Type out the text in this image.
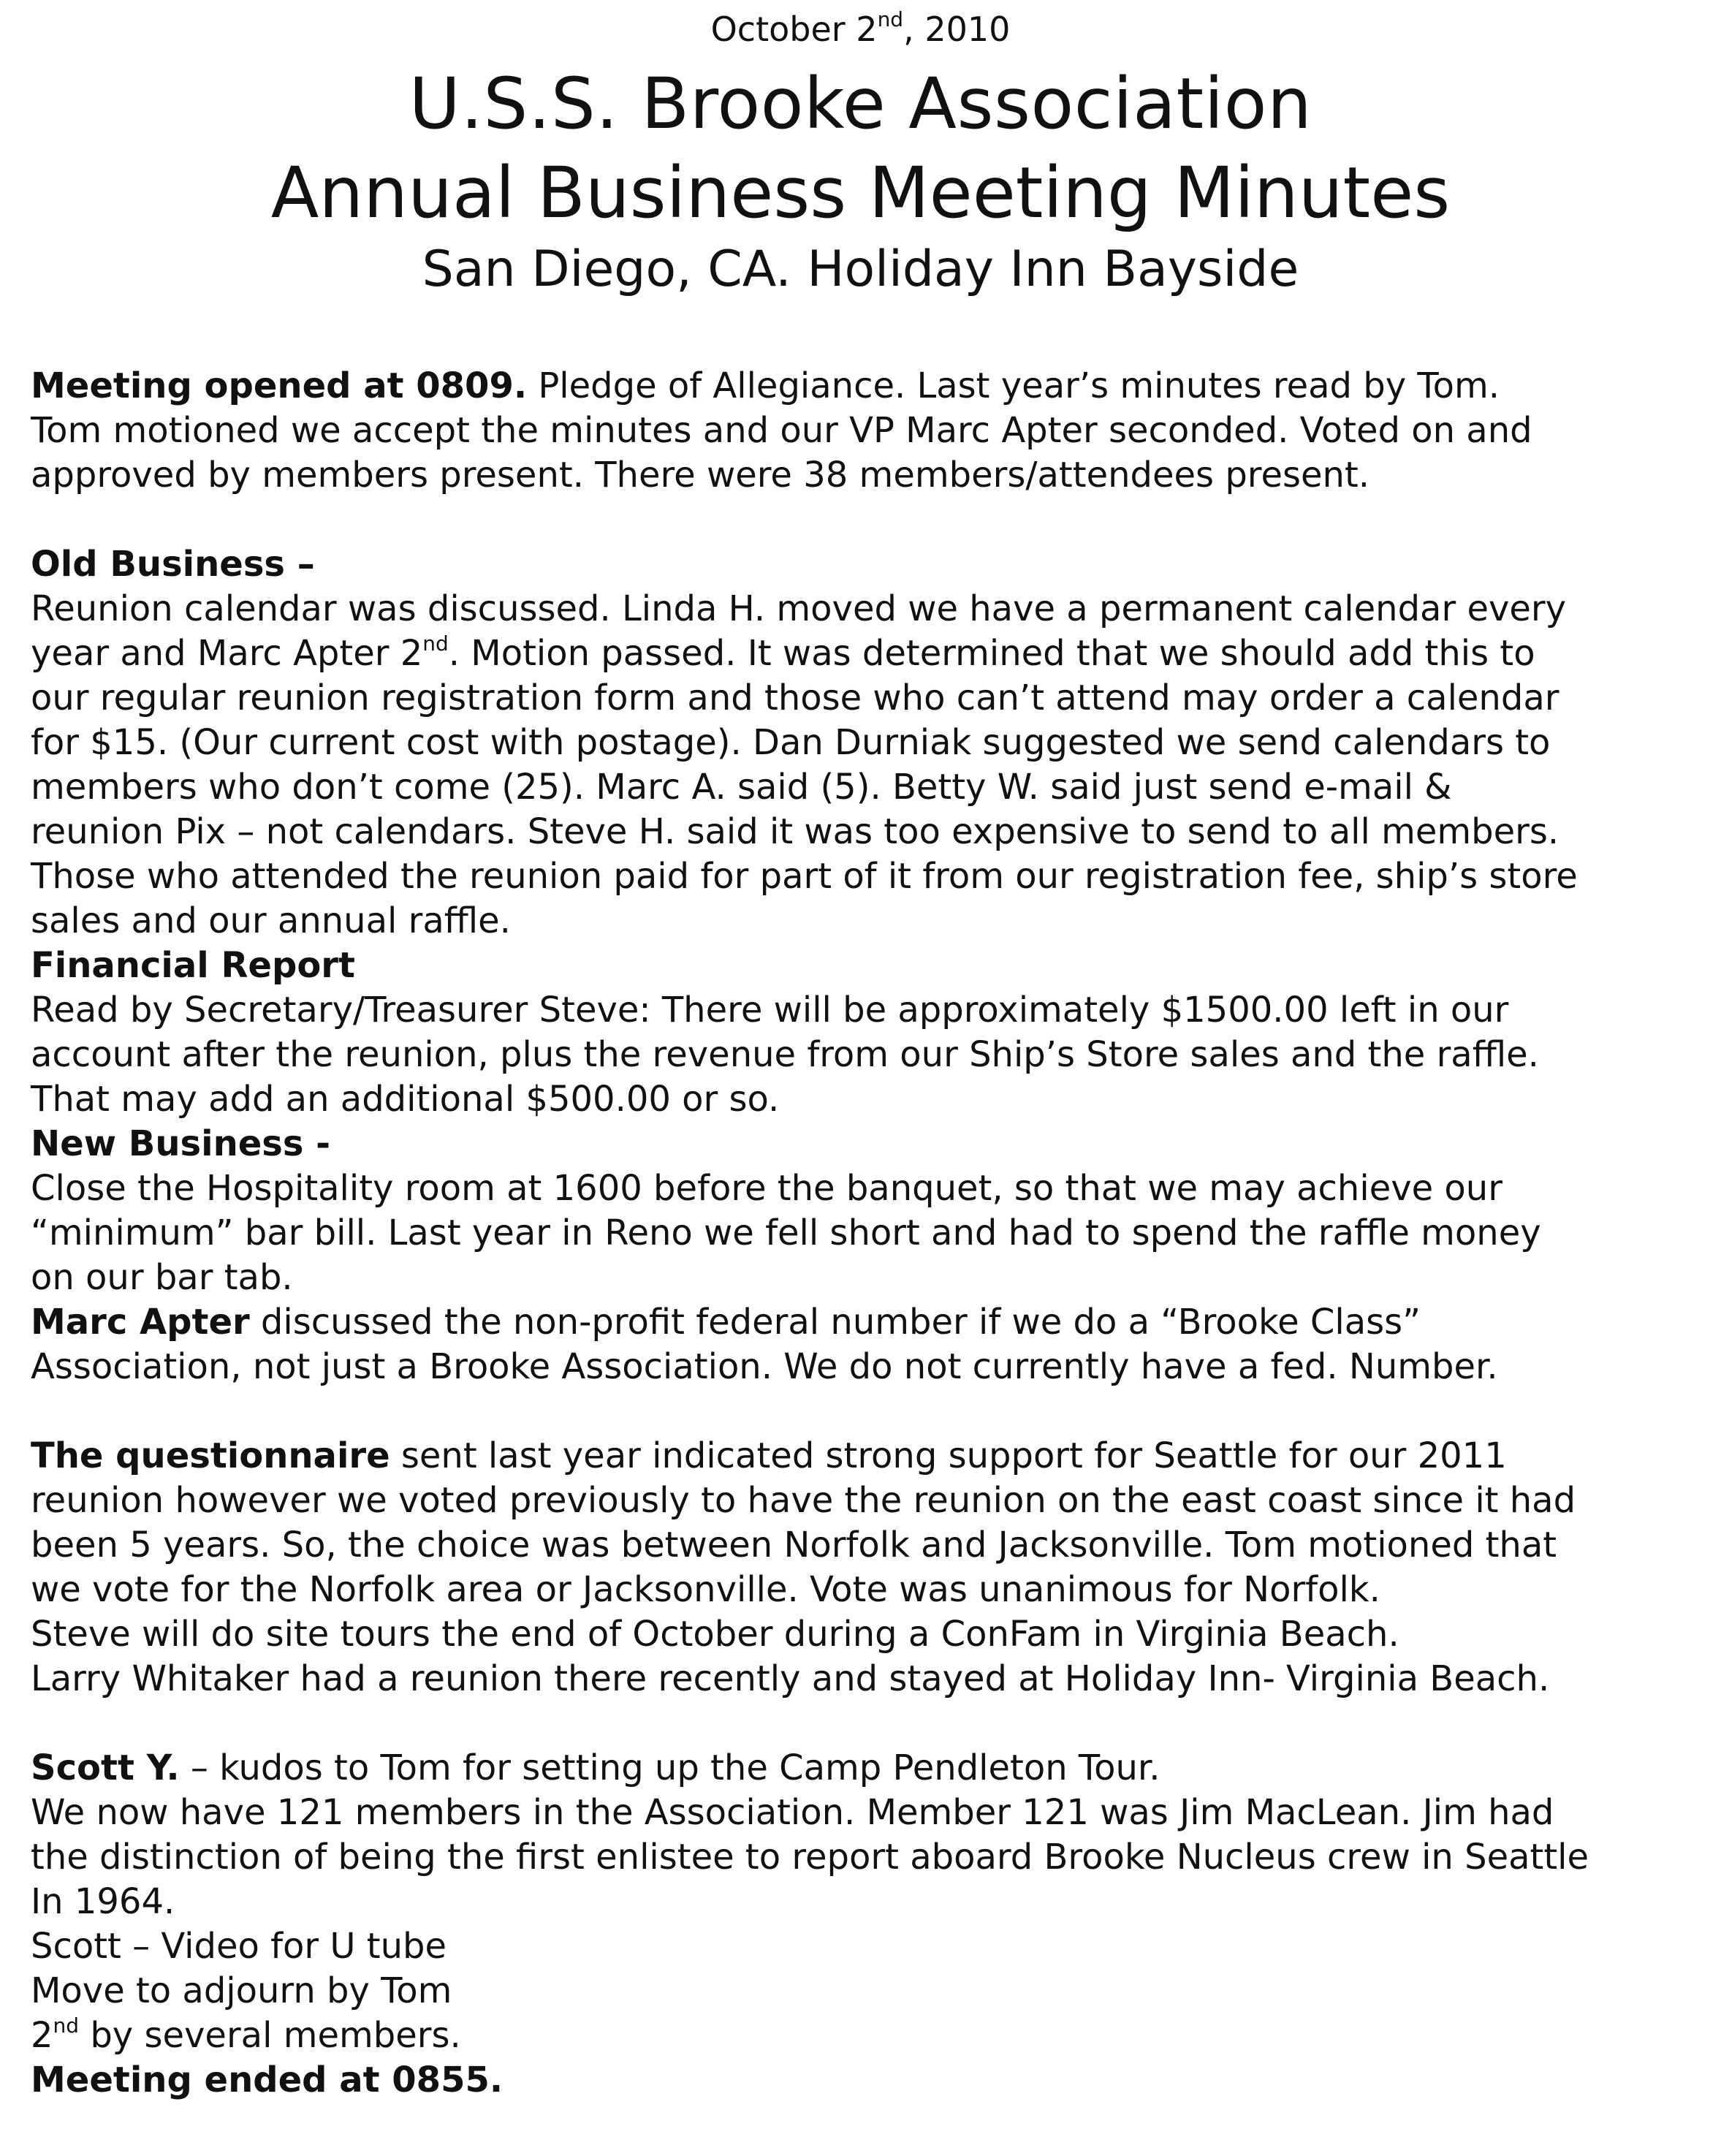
October 2nd, 2010
U.S.S. Brooke Association
Annual Business Meeting Minutes
San Diego, CA. Holiday Inn Bayside
Meeting opened at 0809. Pledge of Allegiance. Last year’s minutes read by Tom.
Tom motioned we accept the minutes and our VP Marc Apter seconded. Voted on and
approved by members present. There were 38 members/attendees present.
Old Business –
Reunion calendar was discussed. Linda H. moved we have a permanent calendar every
year and Marc Apter 2nd. Motion passed. It was determined that we should add this to
our regular reunion registration form and those who can’t attend may order a calendar
for $15. (Our current cost with postage). Dan Durniak suggested we send calendars to
members who don’t come (25). Marc A. said (5). Betty W. said just send e-mail &
reunion Pix – not calendars. Steve H. said it was too expensive to send to all members.
Those who attended the reunion paid for part of it from our registration fee, ship’s store
sales and our annual raffle.
Financial Report
Read by Secretary/Treasurer Steve: There will be approximately $1500.00 left in our
account after the reunion, plus the revenue from our Ship’s Store sales and the raffle.
That may add an additional $500.00 or so.
New Business -
Close the Hospitality room at 1600 before the banquet, so that we may achieve our
“minimum” bar bill. Last year in Reno we fell short and had to spend the raffle money
on our bar tab.
Marc Apter discussed the non-profit federal number if we do a “Brooke Class”
Association, not just a Brooke Association. We do not currently have a fed. Number.
The questionnaire sent last year indicated strong support for Seattle for our 2011
reunion however we voted previously to have the reunion on the east coast since it had
been 5 years. So, the choice was between Norfolk and Jacksonville. Tom motioned that
we vote for the Norfolk area or Jacksonville. Vote was unanimous for Norfolk.
Steve will do site tours the end of October during a ConFam in Virginia Beach.
Larry Whitaker had a reunion there recently and stayed at Holiday Inn- Virginia Beach.
Scott Y. – kudos to Tom for setting up the Camp Pendleton Tour.
We now have 121 members in the Association. Member 121 was Jim MacLean. Jim had
the distinction of being the first enlistee to report aboard Brooke Nucleus crew in Seattle
In 1964.
Scott – Video for U tube
Move to adjourn by Tom
2nd by several members.
Meeting ended at 0855.
